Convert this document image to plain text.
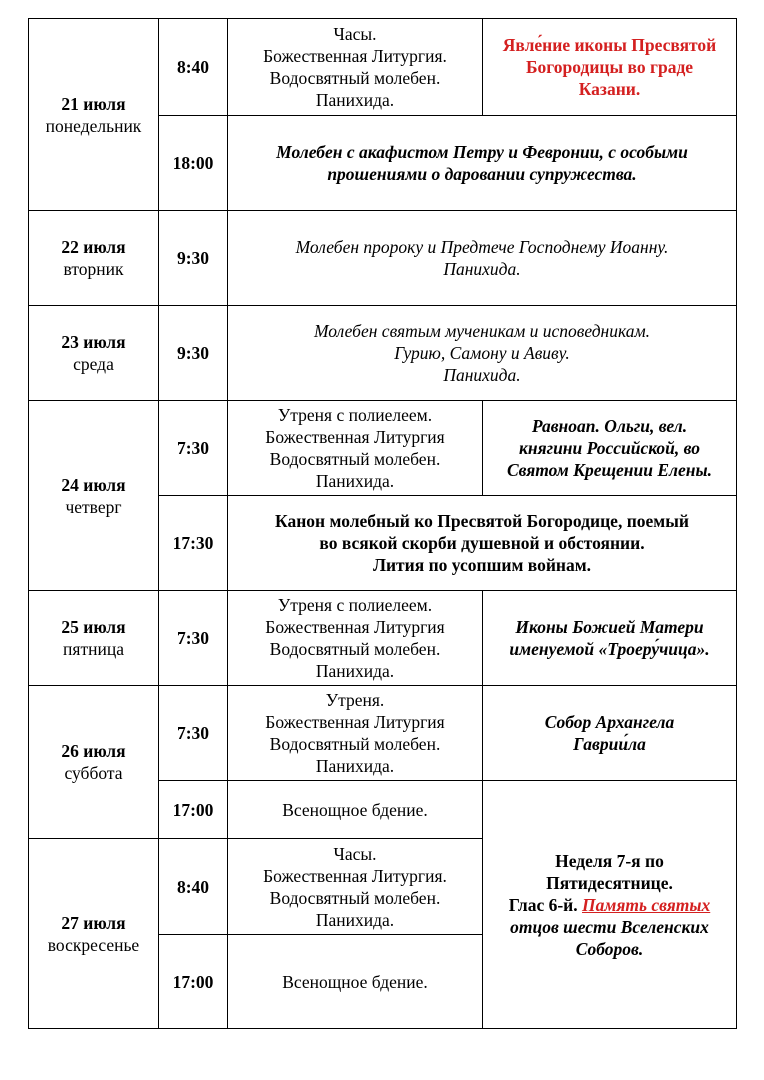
21 июля
понедельник	8:40	Часы.
Божественная Литургия.
Водосвятный молебен.
Панихида.	Явле́ние иконы Пресвятой
Богородицы во граде
Казани.

	18:00	Молебен с акафистом Петру и Февронии, с особыми
прошениями о даровании супружества.	

22 июля
вторник	9:30	Молебен пророку и Предтече Господнему Иоанну.
Панихида.	

23 июля
среда	9:30	Молебен святым мученикам и исповедникам.
Гурию, Самону и Авиву.
Панихида.	

24 июля
четверг	7:30	Утреня с полиелеем.
Божественная Литургия
Водосвятный молебен.
Панихида.	Равноап. Ольги, вел.
княгини Российской, во
Святом Крещении Елены.

	17:30	Канон молебный ко Пресвятой Богородице, поемый
во всякой скорби душевной и обстоянии.
Лития по усопшим войнам.	

25 июля
пятница	7:30	Утреня с полиелеем.
Божественная Литургия
Водосвятный молебен.
Панихида.	Иконы Божией Матери
именуемой «Троеру́чица».

26 июля
суббота	7:30	Утреня.
Божественная Литургия
Водосвятный молебен.
Панихида.	Собор Архангела
Гаврии́ла

	17:00	Всенощное бдение.	Неделя 7-я по
Пятидесятнице.
Глас 6-й. Память святых
отцов шести Вселенских
Соборов.

27 июля
воскресенье	8:40	Часы.
Божественная Литургия.
Водосвятный молебен.
Панихида.	

	17:00	Всенощное бдение.	
